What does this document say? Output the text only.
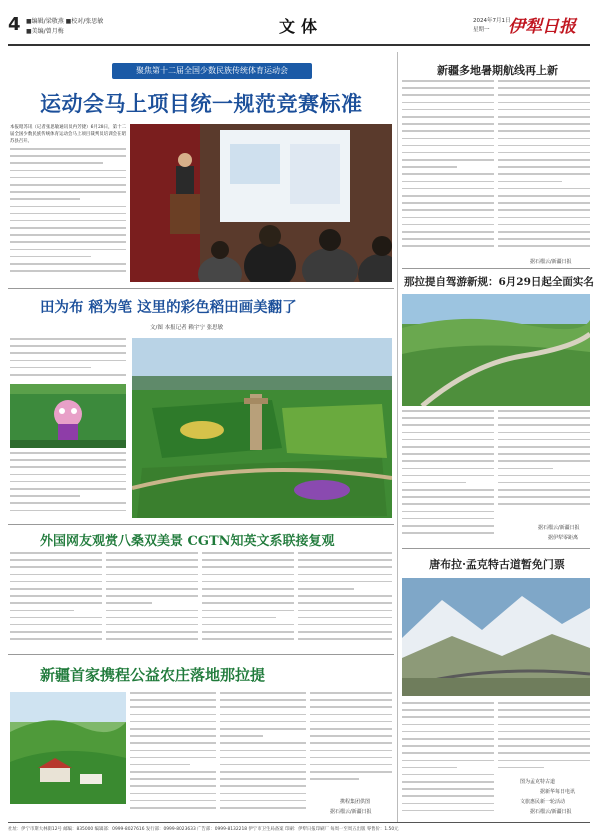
4 ■编辑/梁敬燕 ■校对/张思敏
■美编/曾月梅	文体	2024年7月1日
星期一 伊犁日报
聚焦第十二届全国少数民族传统体育运动会
运动会马上项目统一规范竞赛标准
本报昭苏讯（记者张思敏通讯员冉芳捷）6月28日，第十二届全国少数民族传统体育运动会马上项目裁判员培训会在昭苏县召开。
田为布 稻为笔 这里的彩色稻田画美翻了
文/图 本报记者 赖宇宁 张思敏
外国网友观赏八桑双美景 CGTN知英文系联接复观
新疆首家携程公益农庄落地那拉提
携程集团供图
据石榴云/新疆日报
新疆多地暑期航线再上新
据石榴云/新疆日报
那拉提自驾游新规：6月29日起全面实名
据石榴云/新疆日报
据伊犁零距离
唐布拉·孟克特古道暂免门票
图为孟克特古道
据新华每日电讯
文旅惠民新一轮活动
据石榴云/新疆日报
社址：伊宁市斯大林街12号 邮编：835000 编辑部：0999-8027616 发行部：0999-8023633 广告部：0999-8132218 伊宁市卫生局备案 印刷：伊犁日报印刷厂 每周一至周五出版 零售价：1.50元
